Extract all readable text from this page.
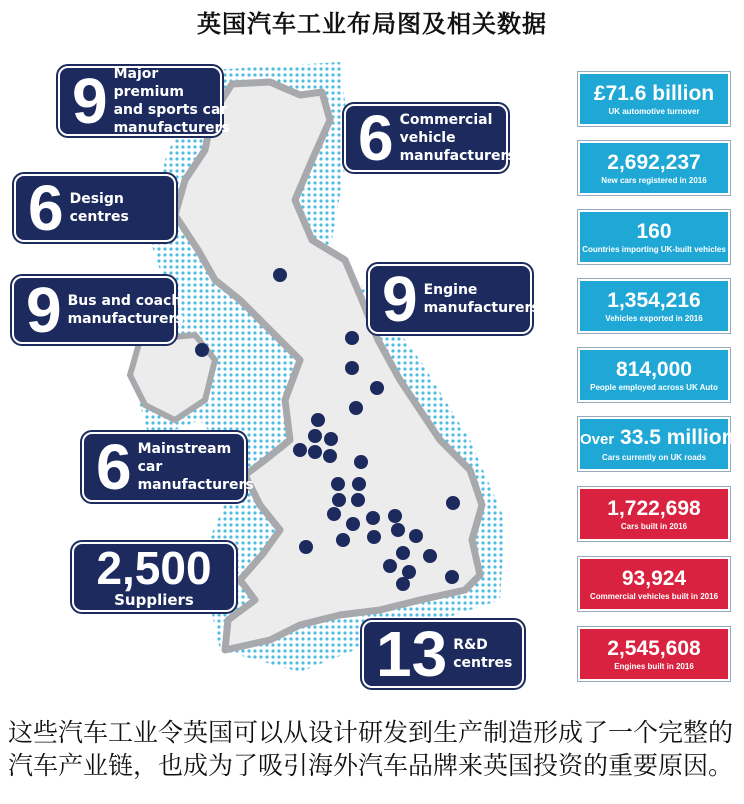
英国汽车工业布局图及相关数据
9 Major premium
and sports car
manufacturers 6 Commercial
vehicle
manufacturers
6 Design centres
9 Bus and coach
manufacturers	9 Engine
manufacturers
6 Mainstream car
manufacturers
2,500
Suppliers
13 R&D centres
£71.6 billion
UK automotive turnover
2,692,237
New cars registered in 2016
160
Countries importing UK-built vehicles
1,354,216
Vehicles exported in 2016
814,000
People employed across UK Auto
Over 33.5 million
Cars currently on UK roads
1,722,698
Cars built in 2016
93,924
Commercial vehicles built in 2016
2,545,608
Engines built in 2016
这些汽车工业令英国可以从设计研发到生产制造形成了一个完整的汽车产业链，也成为了吸引海外汽车品牌来英国投资的重要原因。
